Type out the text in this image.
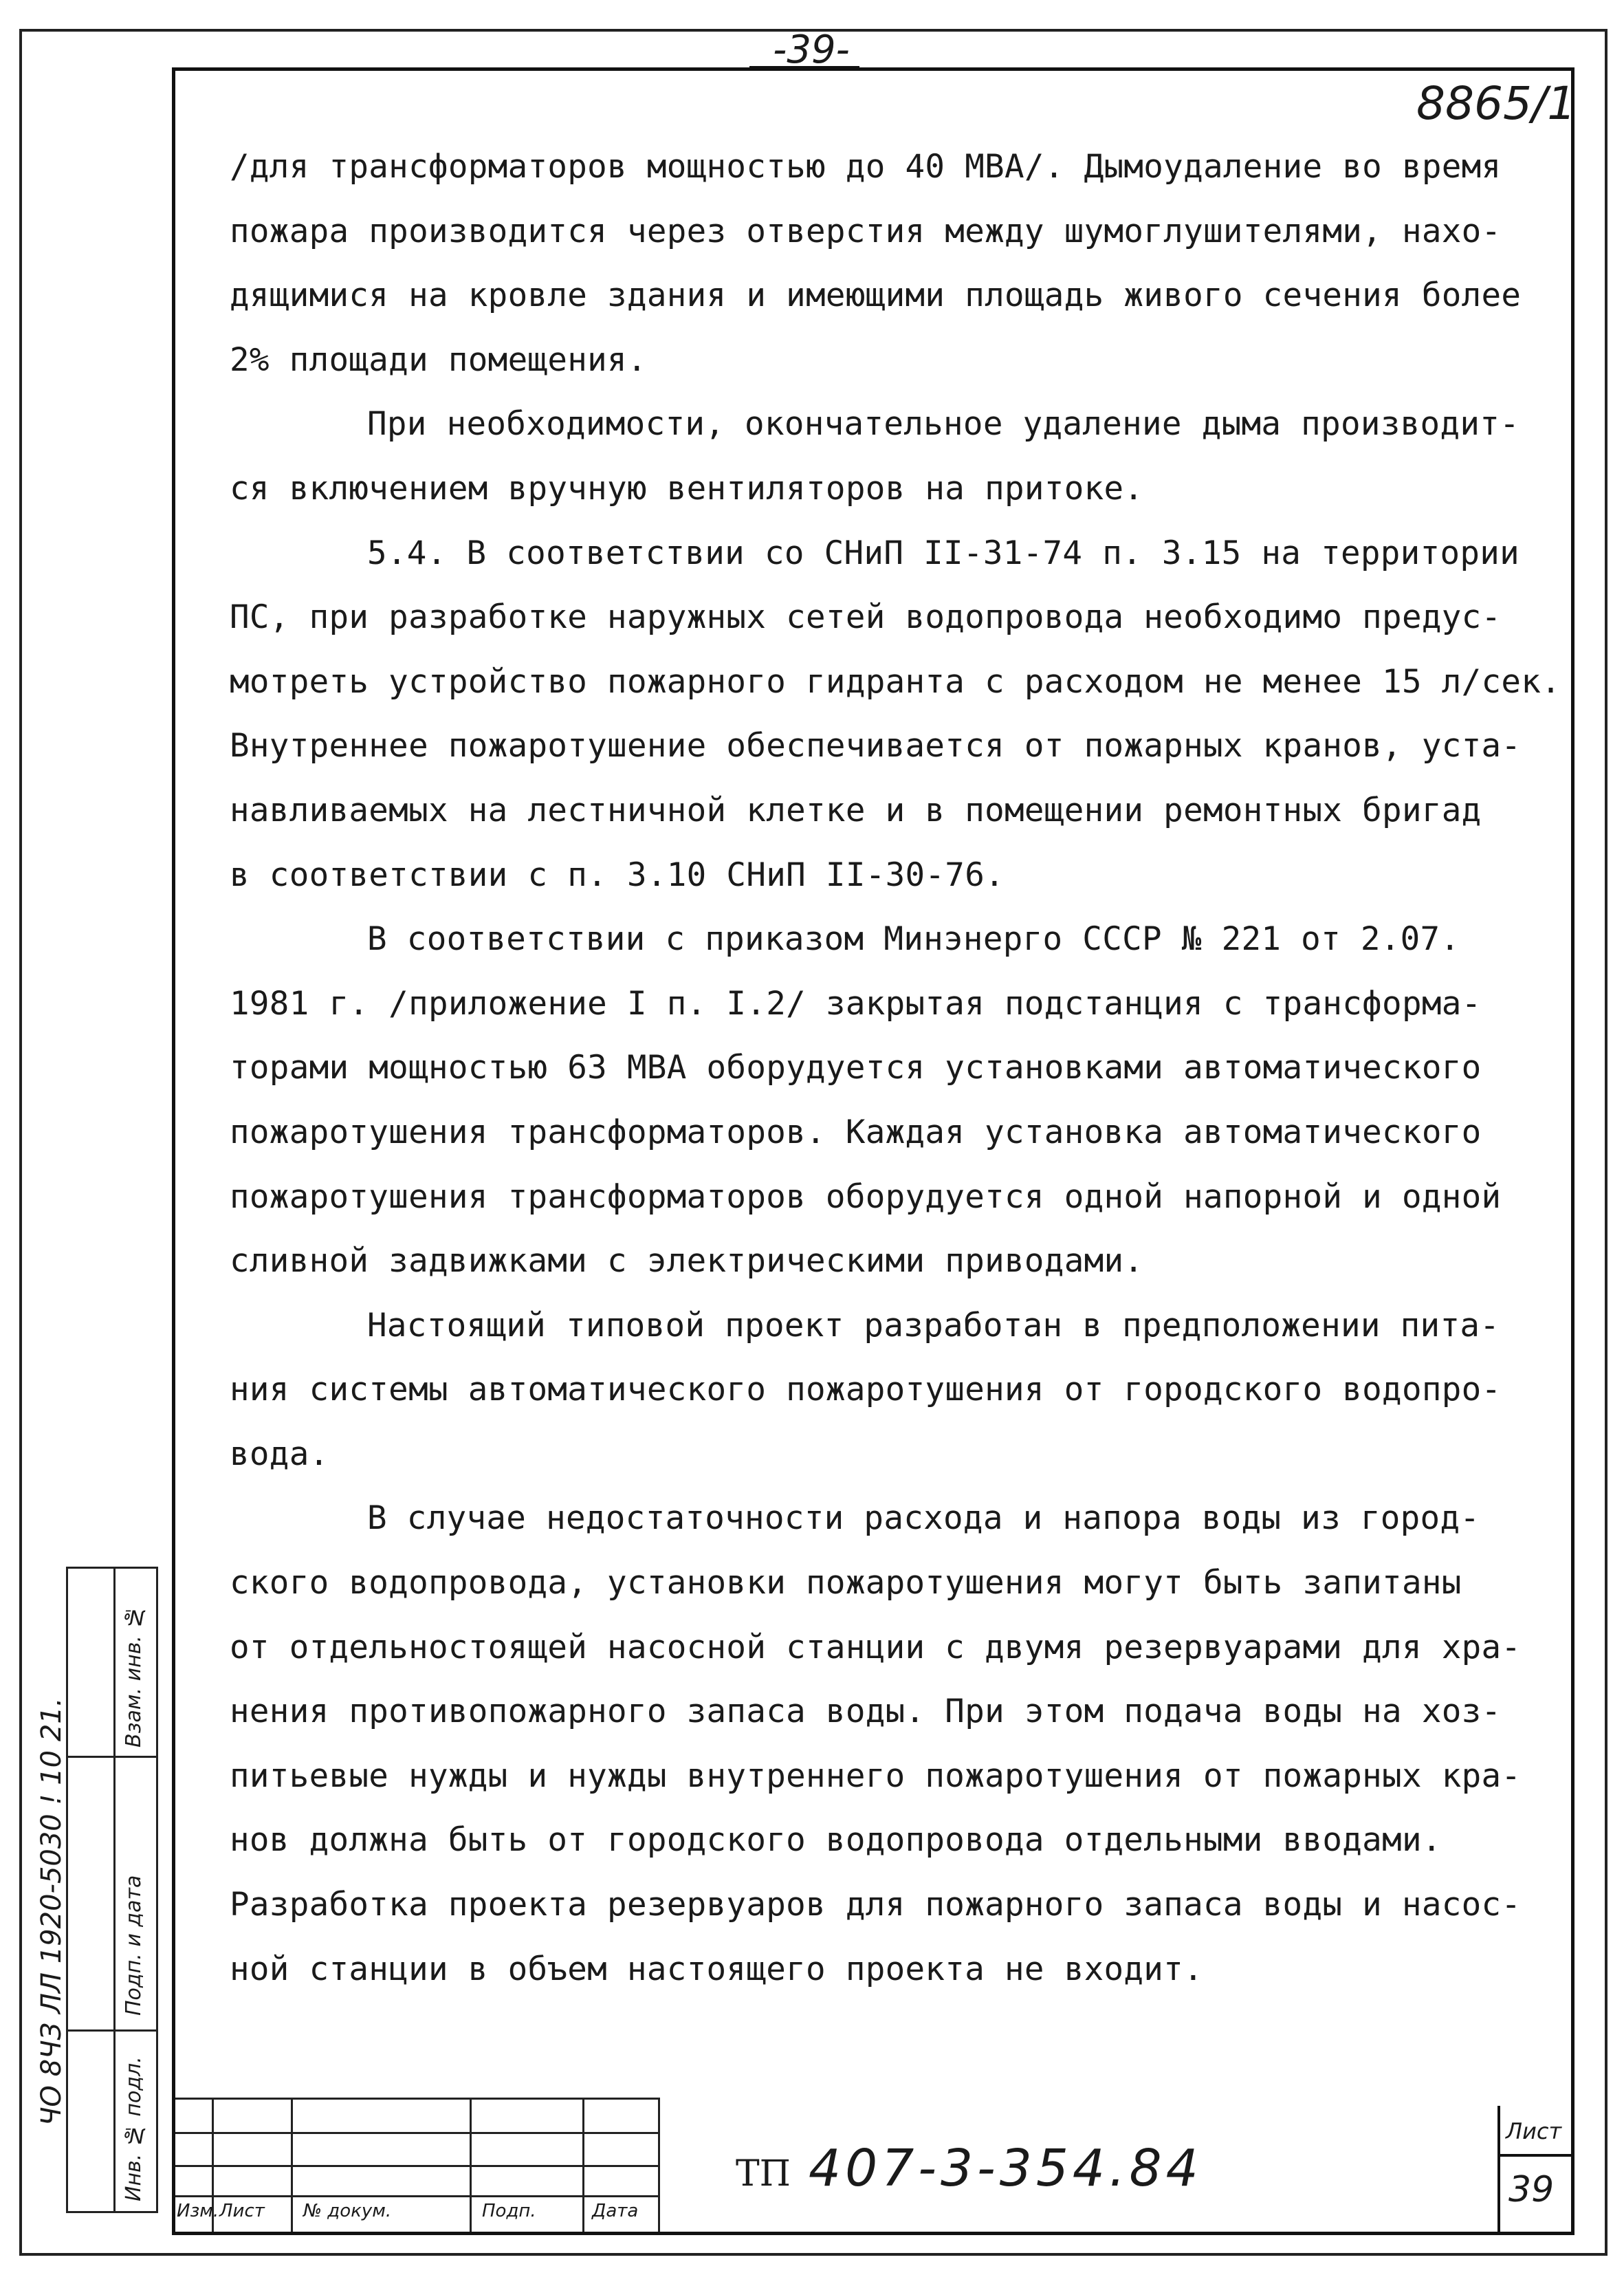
-39-
8865/1

/для трансформаторов мощностью до 40 МВА/. Дымоудаление во время
пожара производится через отверстия между шумоглушителями, нахо-
дящимися на кровле здания и имеющими площадь живого сечения более
2% площади помещения.

При необходимости, окончательное удаление дыма производит-
ся включением вручную вентиляторов на притоке.

5.4. В соответствии со СНиП II-31-74 п. 3.15 на территории
ПС, при разработке наружных сетей водопровода необходимо предус-
мотреть устройство пожарного гидранта с расходом не менее 15 л/сек.
Внутреннее пожаротушение обеспечивается от пожарных кранов, уста-
навливаемых на лестничной клетке и в помещении ремонтных бригад
в соответствии с п. 3.10 СНиП II-30-76.

В соответствии с приказом Минэнерго СССР № 221 от 2.07.
1981 г. /приложение I п. I.2/ закрытая подстанция с трансформа-
торами мощностью 63 МВА оборудуется установками автоматического
пожаротушения трансформаторов. Каждая установка автоматического
пожаротушения трансформаторов оборудуется одной напорной и одной
сливной задвижками с электрическими приводами.

Настоящий типовой проект разработан в предположении пита-
ния системы автоматического пожаротушения от городского водопро-
вода.

В случае недостаточности расхода и напора воды из город-
ского водопровода, установки пожаротушения могут быть запитаны
от отдельностоящей насосной станции с двумя резервуарами для хра-
нения противопожарного запаса воды. При этом подача воды на хоз-
питьевые нужды и нужды внутреннего пожаротушения от пожарных кра-
нов должна быть от городского водопровода отдельными вводами.
Разработка проекта резервуаров для пожарного запаса воды и насос-
ной станции в объем настоящего проекта не входит.

ЧО 8ЧЗ ЛЛ 1920-5030 ! 10 21.
Взам. инв. №
Подп. и дата
Инв. № подл.
Изм. Лист № докум.	Подп.	Дата
ТП 407-3-354.84
Лист
39
